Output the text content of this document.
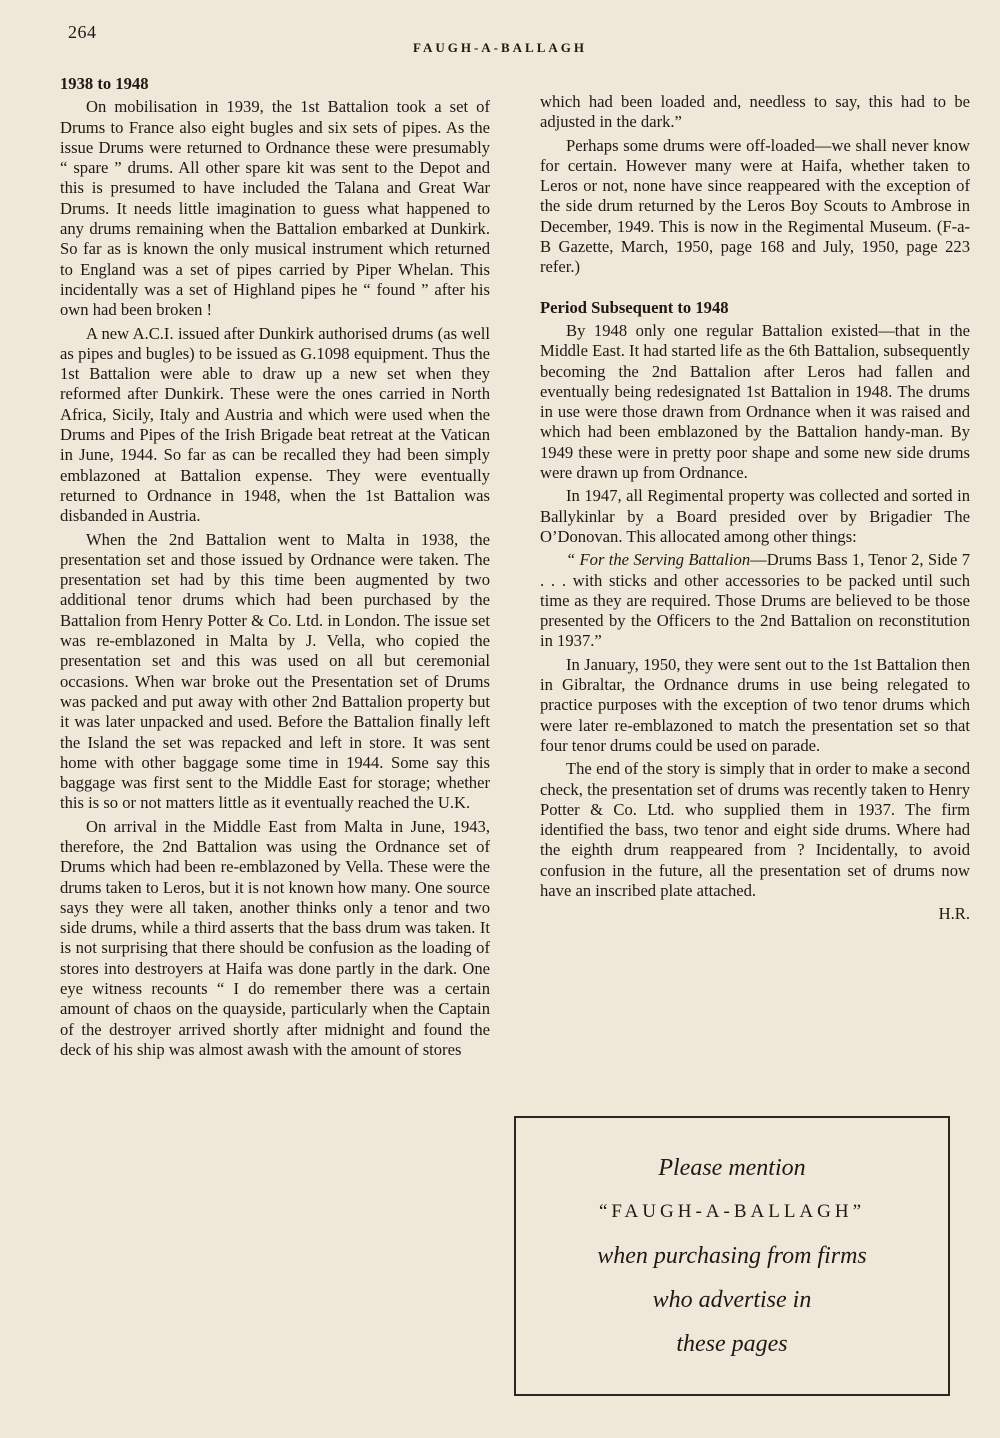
264
FAUGH-A-BALLAGH
1938 to 1948

On mobilisation in 1939, the 1st Battalion took a set of Drums to France also eight bugles and six sets of pipes. As the issue Drums were returned to Ordnance these were presumably “ spare ” drums. All other spare kit was sent to the Depot and this is presumed to have included the Talana and Great War Drums. It needs little imagination to guess what happened to any drums remaining when the Battalion embarked at Dunkirk. So far as is known the only musical instrument which returned to England was a set of pipes carried by Piper Whelan. This incidentally was a set of Highland pipes he “ found ” after his own had been broken !

A new A.C.I. issued after Dunkirk authorised drums (as well as pipes and bugles) to be issued as G.1098 equipment. Thus the 1st Battalion were able to draw up a new set when they reformed after Dunkirk. These were the ones carried in North Africa, Sicily, Italy and Austria and which were used when the Drums and Pipes of the Irish Brigade beat retreat at the Vatican in June, 1944. So far as can be recalled they had been simply emblazoned at Battalion expense. They were eventually returned to Ordnance in 1948, when the 1st Battalion was disbanded in Austria.

When the 2nd Battalion went to Malta in 1938, the presentation set and those issued by Ordnance were taken. The presentation set had by this time been augmented by two additional tenor drums which had been purchased by the Battalion from Henry Potter & Co. Ltd. in London. The issue set was re-emblazoned in Malta by J. Vella, who copied the presentation set and this was used on all but ceremonial occasions. When war broke out the Presentation set of Drums was packed and put away with other 2nd Battalion property but it was later unpacked and used. Before the Battalion finally left the Island the set was repacked and left in store. It was sent home with other baggage some time in 1944. Some say this baggage was first sent to the Middle East for storage; whether this is so or not matters little as it eventually reached the U.K.

On arrival in the Middle East from Malta in June, 1943, therefore, the 2nd Battalion was using the Ordnance set of Drums which had been re-emblazoned by Vella. These were the drums taken to Leros, but it is not known how many. One source says they were all taken, another thinks only a tenor and two side drums, while a third asserts that the bass drum was taken. It is not surprising that there should be confusion as the loading of stores into destroyers at Haifa was done partly in the dark. One eye witness recounts “ I do remember there was a certain amount of chaos on the quayside, particularly when the Captain of the destroyer arrived shortly after midnight and found the deck of his ship was almost awash with the amount of stores

which had been loaded and, needless to say, this had to be adjusted in the dark.”

Perhaps some drums were off-loaded—we shall never know for certain. However many were at Haifa, whether taken to Leros or not, none have since reappeared with the exception of the side drum returned by the Leros Boy Scouts to Ambrose in December, 1949. This is now in the Regimental Museum. (F-a-B Gazette, March, 1950, page 168 and July, 1950, page 223 refer.)

Period Subsequent to 1948

By 1948 only one regular Battalion existed—that in the Middle East. It had started life as the 6th Battalion, subsequently becoming the 2nd Battalion after Leros had fallen and eventually being redesignated 1st Battalion in 1948. The drums in use were those drawn from Ordnance when it was raised and which had been emblazoned by the Battalion handy-man. By 1949 these were in pretty poor shape and some new side drums were drawn up from Ordnance.

In 1947, all Regimental property was collected and sorted in Ballykinlar by a Board presided over by Brigadier The O’Donovan. This allocated among other things:

“ For the Serving Battalion—Drums Bass 1, Tenor 2, Side 7 . . . with sticks and other accessories to be packed until such time as they are required. Those Drums are believed to be those presented by the Officers to the 2nd Battalion on reconstitution in 1937.”

In January, 1950, they were sent out to the 1st Battalion then in Gibraltar, the Ordnance drums in use being relegated to practice purposes with the exception of two tenor drums which were later re-emblazoned to match the presentation set so that four tenor drums could be used on parade.

The end of the story is simply that in order to make a second check, the presentation set of drums was recently taken to Henry Potter & Co. Ltd. who supplied them in 1937. The firm identified the bass, two tenor and eight side drums. Where had the eighth drum reappeared from ? Incidentally, to avoid confusion in the future, all the presentation set of drums now have an inscribed plate attached.

H.R.

Please mention
“FAUGH-A-BALLAGH”
when purchasing from firms
who advertise in
these pages
